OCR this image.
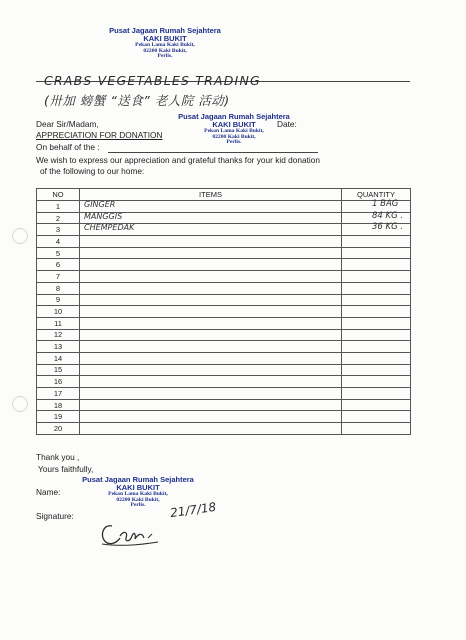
Pusat Jagaan Rumah Sejahtera
KAKI BUKIT
Pekan Lama Kaki Bukit,
02200 Kaki Bukit,
Perlis.
CRABS VEGETABLES TRADING
(卅加 螃蟹 “送食” 老人院 活动)
Dear Sir/Madam,	Date:
APPRECIATION FOR DONATION
On behalf of the :
We wish to express our appreciation and grateful thanks for your kid donation
of the following to our home:
Pusat Jagaan Rumah Sejahtera
KAKI BUKIT
Pekan Lama Kaki Bukit,
02200 Kaki Bukit,
Perlis.
NO	ITEMS	QUANTITY
1	GINGER	1 BAG

2	MANGGIS	84 KG .

3	CHEMPEDAK	36 KG .

4	

5	

6	

7	

8	

9	

10	

11	

12	

13	

14	

15	

16	

17	

18	

19	

20	

Thank you ,
Yours faithfully,
Name:
Signature:
Pusat Jagaan Rumah Sejahtera
KAKI BUKIT
Pekan Lama Kaki Bukit,
02200 Kaki Bukit,
Perlis.	21/7/18
